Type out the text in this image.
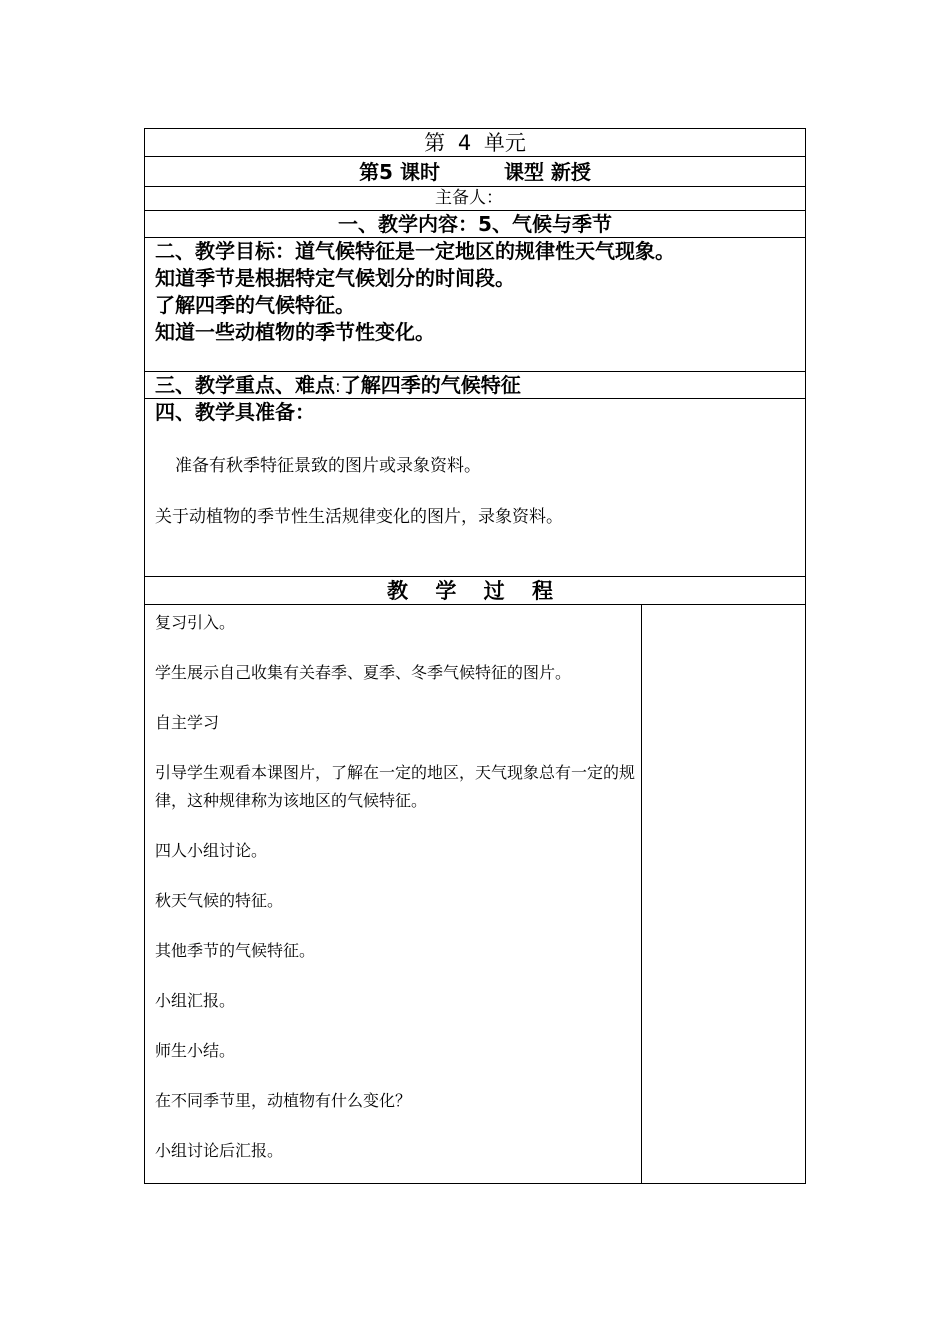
第 4 单元
第5 课时	课型 新授
主备人：
一、教学内容：5、气候与季节
二、教学目标：道气候特征是一定地区的规律性天气现象。
知道季节是根据特定气候划分的时间段。
了解四季的气候特征。
知道一些动植物的季节性变化。
三、教学重点、难点:了解四季的气候特征
四、教学具准备：
准备有秋季特征景致的图片或录象资料。
关于动植物的季节性生活规律变化的图片，录象资料。
教 学 过 程
复习引入。
学生展示自己收集有关春季、夏季、冬季气候特征的图片。
自主学习
引导学生观看本课图片，了解在一定的地区，天气现象总有一定的规律，这种规律称为该地区的气候特征。
四人小组讨论。
秋天气候的特征。
其他季节的气候特征。
小组汇报。
师生小结。
在不同季节里，动植物有什么变化？
小组讨论后汇报。
